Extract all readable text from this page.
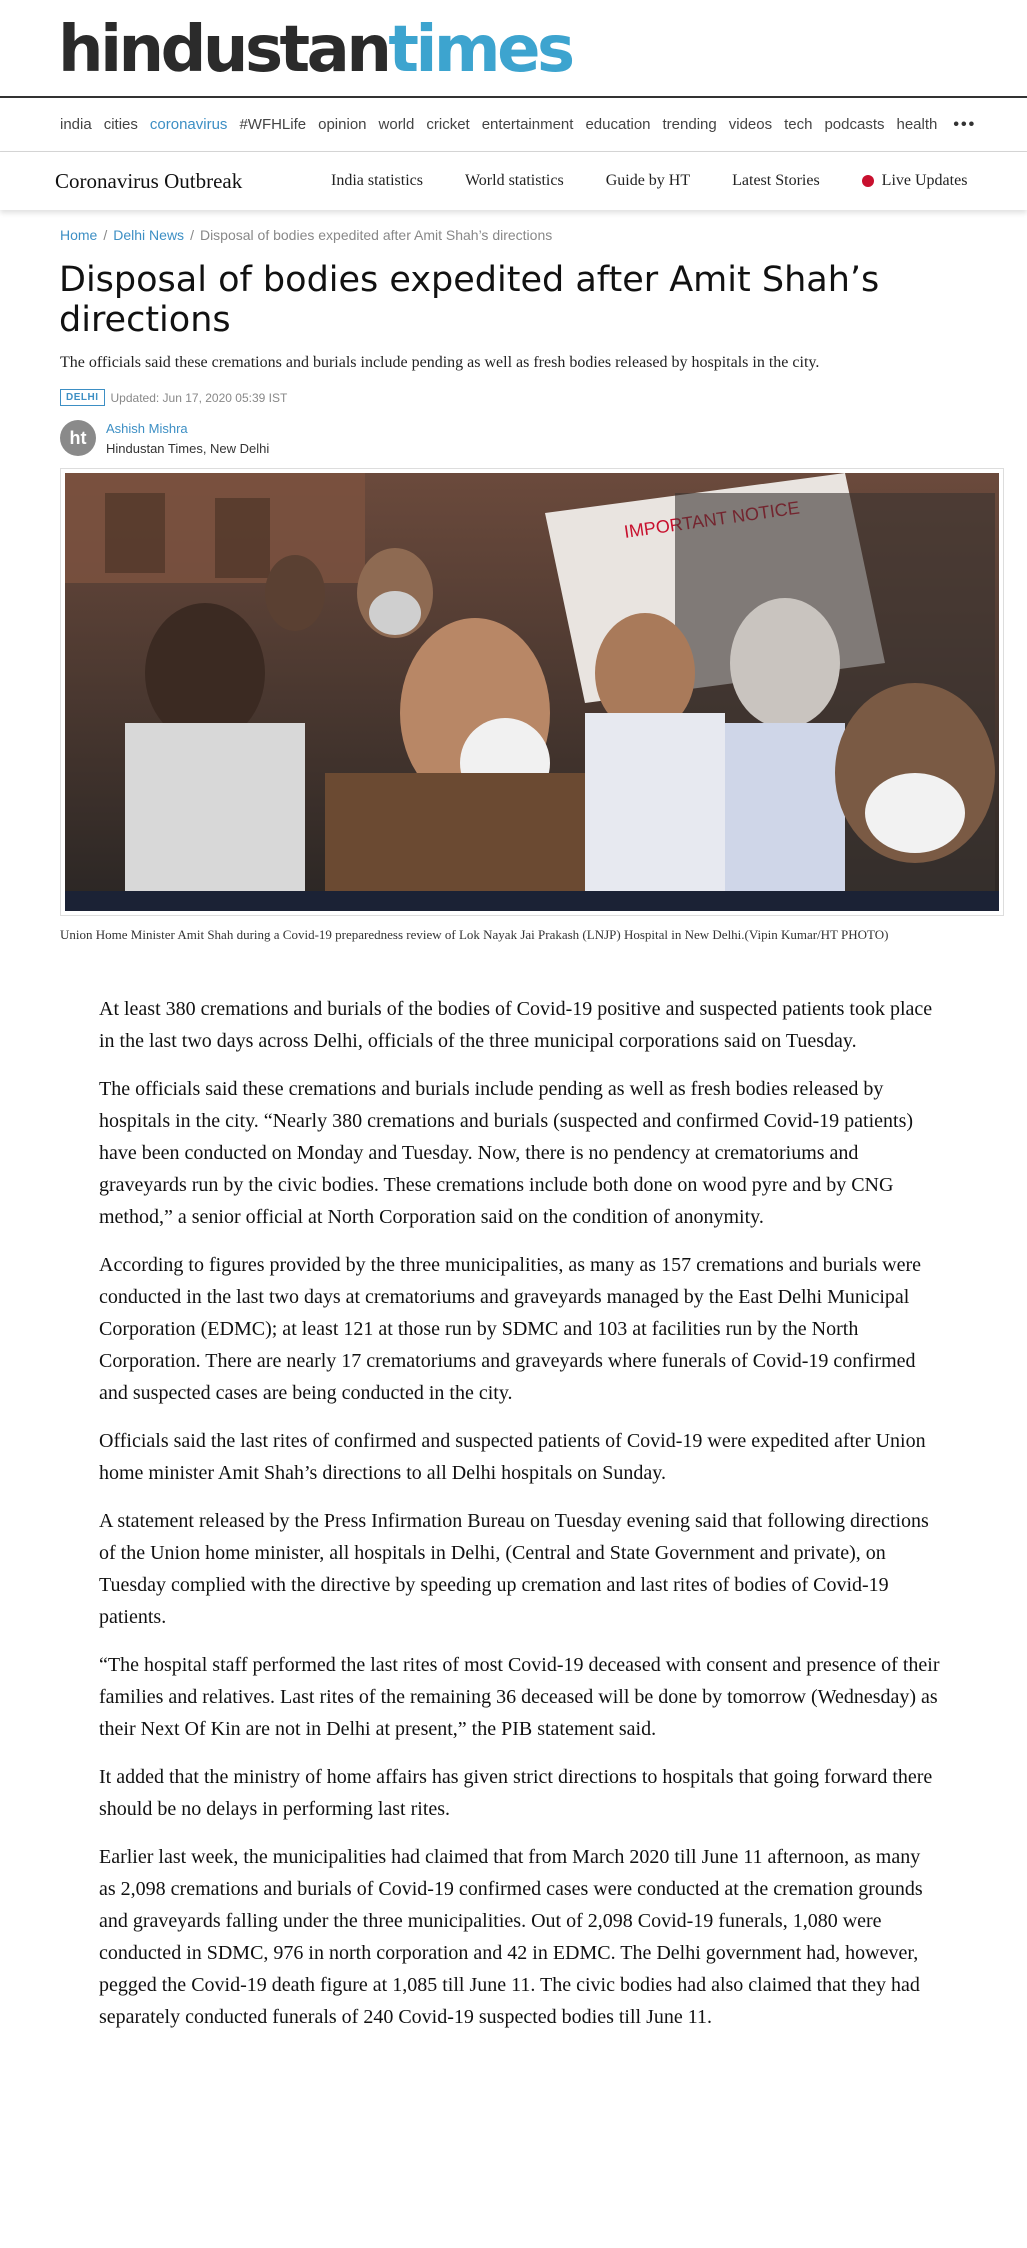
hindustantimes
india cities coronavirus #WFHLife opinion world cricket entertainment education trending videos tech podcasts health •••
Coronavirus Outbreak	India statistics	World statistics	Guide by HT	Latest Stories	Live Updates
Home / Delhi News / Disposal of bodies expedited after Amit Shah’s directions
Disposal of bodies expedited after Amit Shah’s directions
The officials said these cremations and burials include pending as well as fresh bodies released by hospitals in the city.
DELHI	Updated: Jun 17, 2020 05:39 IST
ht	Ashish Mishra
Hindustan Times, New Delhi
Union Home Minister Amit Shah during a Covid-19 preparedness review of Lok Nayak Jai Prakash (LNJP) Hospital in New Delhi.(Vipin Kumar/HT PHOTO)

At least 380 cremations and burials of the bodies of Covid-19 positive and suspected patients took place in the last two days across Delhi, officials of the three municipal corporations said on Tuesday.

The officials said these cremations and burials include pending as well as fresh bodies released by hospitals in the city. “Nearly 380 cremations and burials (suspected and confirmed Covid-19 patients) have been conducted on Monday and Tuesday. Now, there is no pendency at crematoriums and graveyards run by the civic bodies. These cremations include both done on wood pyre and by CNG method,” a senior official at North Corporation said on the condition of anonymity.

According to figures provided by the three municipalities, as many as 157 cremations and burials were conducted in the last two days at crematoriums and graveyards managed by the East Delhi Municipal Corporation (EDMC); at least 121 at those run by SDMC and 103 at facilities run by the North Corporation. There are nearly 17 crematoriums and graveyards where funerals of Covid-19 confirmed and suspected cases are being conducted in the city.

Officials said the last rites of confirmed and suspected patients of Covid-19 were expedited after Union home minister Amit Shah’s directions to all Delhi hospitals on Sunday.

A statement released by the Press Infirmation Bureau on Tuesday evening said that following directions of the Union home minister, all hospitals in Delhi, (Central and State Government and private), on Tuesday complied with the directive by speeding up cremation and last rites of bodies of Covid-19 patients.

“The hospital staff performed the last rites of most Covid-19 deceased with consent and presence of their families and relatives. Last rites of the remaining 36 deceased will be done by tomorrow (Wednesday) as their Next Of Kin are not in Delhi at present,” the PIB statement said.

It added that the ministry of home affairs has given strict directions to hospitals that going forward there should be no delays in performing last rites.

Earlier last week, the municipalities had claimed that from March 2020 till June 11 afternoon, as many as 2,098 cremations and burials of Covid-19 confirmed cases were conducted at the cremation grounds and graveyards falling under the three municipalities. Out of 2,098 Covid-19 funerals, 1,080 were conducted in SDMC, 976 in north corporation and 42 in EDMC. The Delhi government had, however, pegged the Covid-19 death figure at 1,085 till June 11. The civic bodies had also claimed that they had separately conducted funerals of 240 Covid-19 suspected bodies till June 11.
